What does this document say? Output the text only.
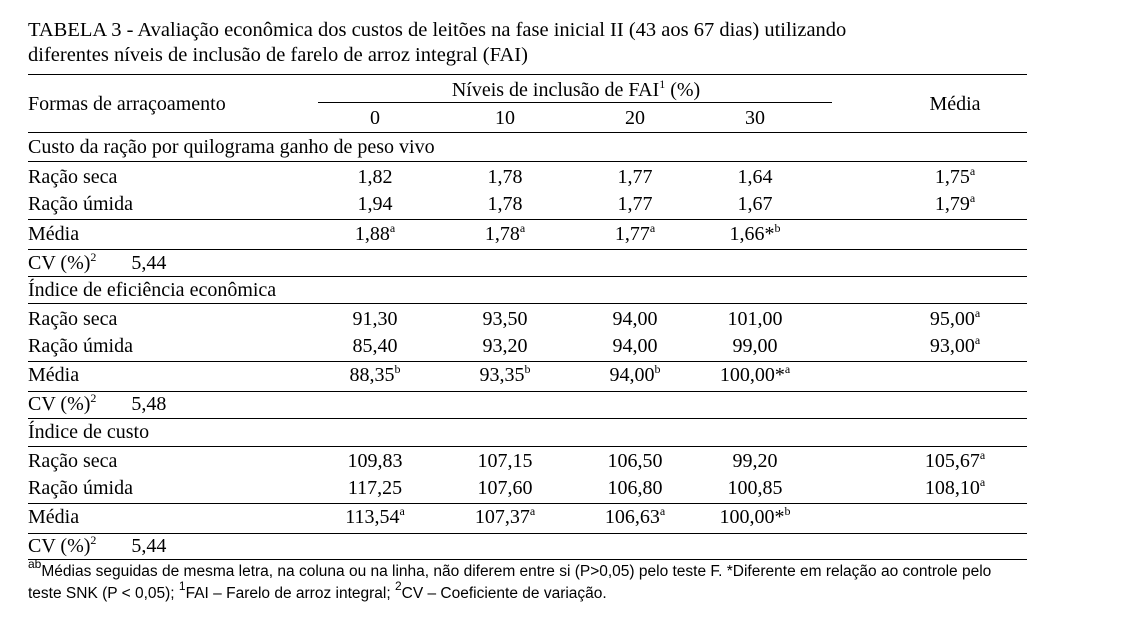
TABELA 3 - Avaliação econômica dos custos de leitões na fase inicial II (43 aos 67 dias) utilizando
diferentes níveis de inclusão de farelo de arroz integral (FAI)
Formas de arraçoamento
Níveis de inclusão de FAI$^1$ (%)
Média
0	10	20	30
Custo da ração por quilograma ganho de peso vivo
Ração seca	1,82	1,78	1,77	1,64	1,75$^a$
Ração úmida	1,94	1,78	1,77	1,67	1,79$^a$
Média	1,88$^a$	1,78$^a$	1,77$^a$	1,66*$^b$
CV (%)$^2$ 5,44
Índice de eficiência econômica
Ração seca	91,30	93,50	94,00	101,00	95,00$^a$
Ração úmida	85,40	93,20	94,00	99,00	93,00$^a$
Média	88,35$^b$	93,35$^b$	94,00$^b$	100,00*$^a$
CV (%)$^2$ 5,48
Índice de custo
Ração seca	109,83	107,15	106,50	99,20	105,67$^a$
Ração úmida	117,25	107,60	106,80	100,85	108,10$^a$
Média	113,54$^a$	107,37$^a$	106,63$^a$	100,00*$^b$
CV (%)$^2$ 5,44
$^{ab}$Médias seguidas de mesma letra, na coluna ou na linha, não diferem entre si (P>0,05) pelo teste F. *Diferente em relação ao controle pelo teste SNK (P < 0,05); $^1$FAI – Farelo de arroz integral; $^2$CV – Coeficiente de variação.
